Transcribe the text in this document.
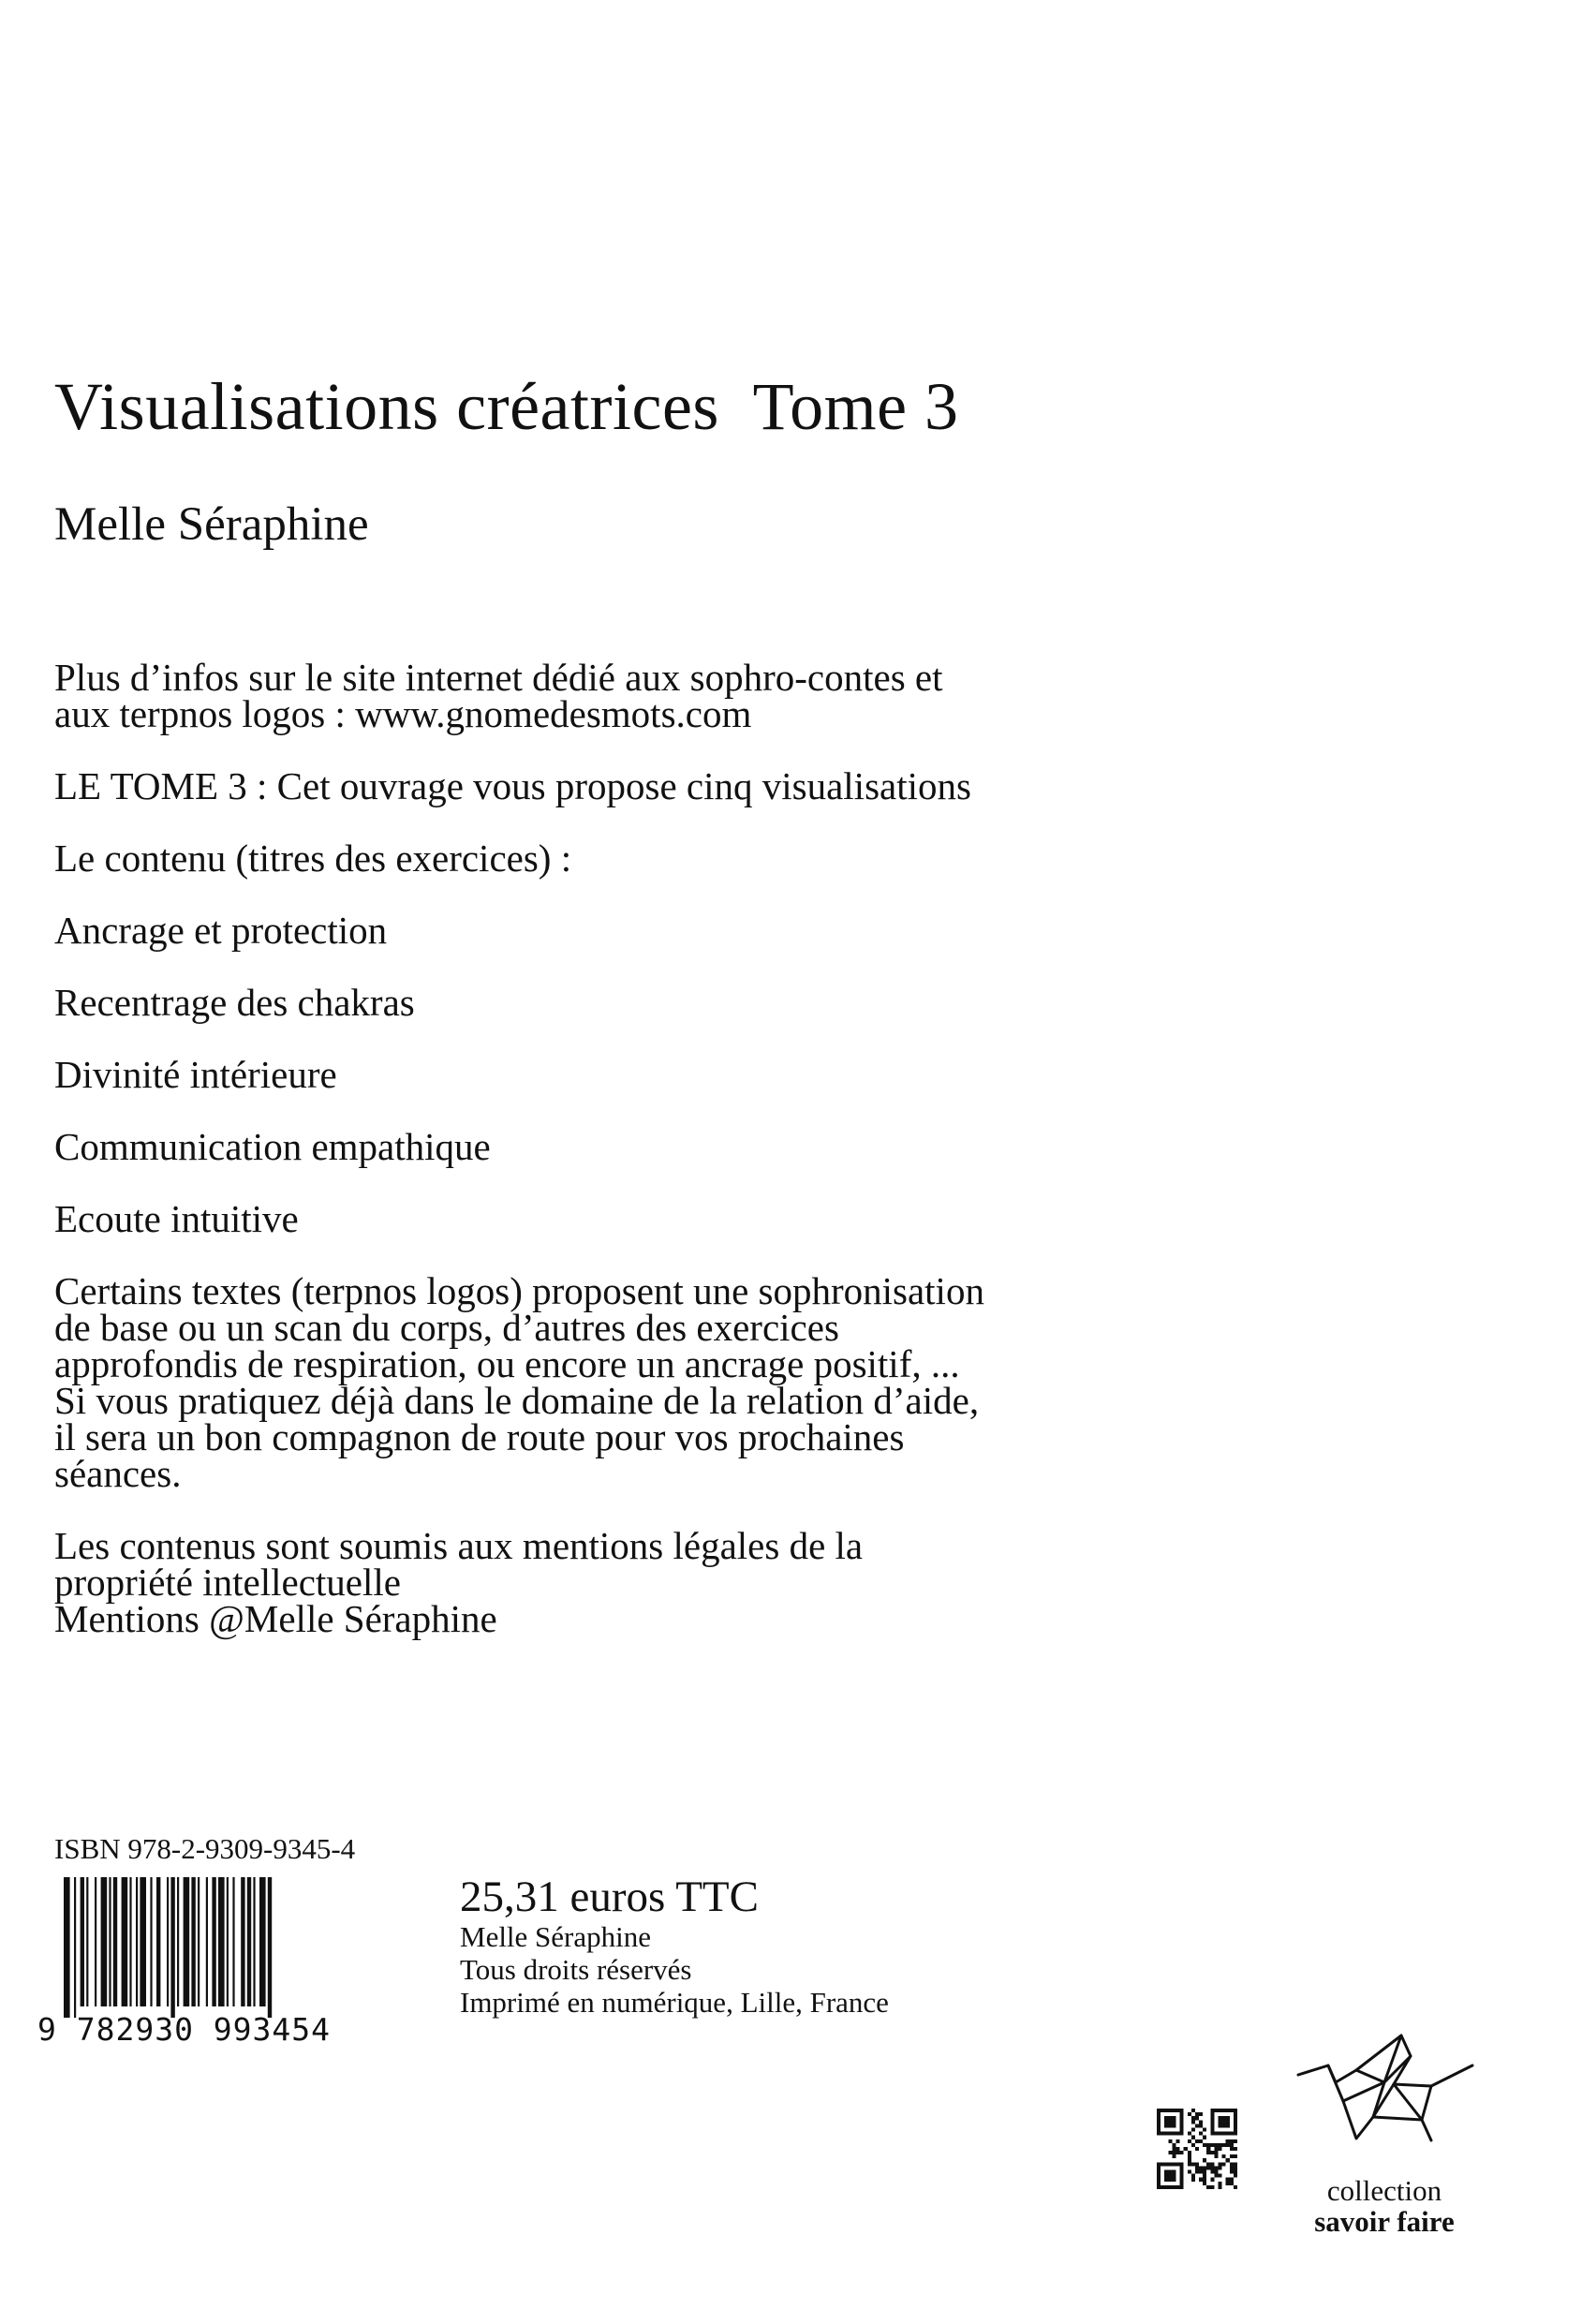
Visualisations créatrices  Tome 3
Melle Séraphine
Plus d’infos sur le site internet dédié aux sophro-contes et
aux terpnos logos : www.gnomedesmots.com

LE TOME 3 : Cet ouvrage vous propose cinq visualisations

Le contenu (titres des exercices) :

Ancrage et protection

Recentrage des chakras

Divinité intérieure

Communication empathique

Ecoute intuitive

Certains textes (terpnos logos) proposent une sophronisation
de base ou un scan du corps, d’autres des exercices
approfondis de respiration, ou encore un ancrage positif, ...
Si vous pratiquez déjà dans le domaine de la relation d’aide,
il sera un bon compagnon de route pour vos prochaines
séances.
Les contenus sont soumis aux mentions légales de la
propriété intellectuelle
Mentions @Melle Séraphine
ISBN 978-2-9309-9345-4
9 782930 993454
25,31 euros TTC
Melle Séraphine
Tous droits réservés
Imprimé en numérique, Lille, France
collection
savoir faire
